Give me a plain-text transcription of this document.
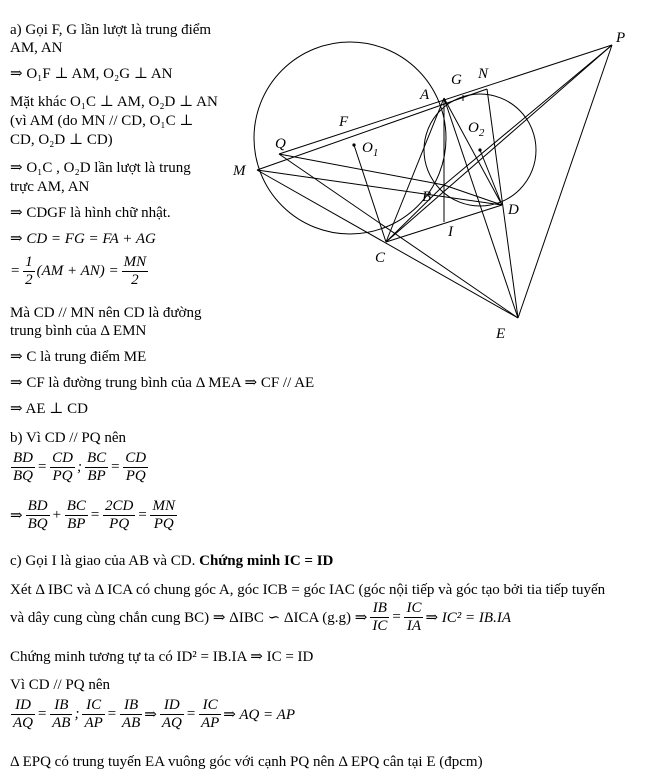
a) Gọi F, G lần lượt là trung điểm
AM, AN
⇒ O₁F ⊥ AM, O₂G ⊥ AN
Mặt khác O₁C ⊥ AM, O₂D ⊥ AN
(vì AM (do MN // CD, O₁C ⊥
CD, O₂D ⊥ CD)
⇒ O₁C , O₂D lần lượt là trung
trực AM, AN
⇒ CDGF là hình chữ nhật.
⇒ CD = FG = FA + AG
= $\frac{1}{2} (AM + AN) = \frac{MN}{2}$
Mà CD // MN nên CD là đường
trung bình của Δ EMN
⇒ C là trung điểm ME
⇒ CF là đường trung bình của Δ MEA ⇒ CF // AE
⇒ AE ⊥ CD
b) Vì CD // PQ nên
$\frac{BD}{BQ} = \frac{CD}{PQ}$ ; $\frac{BC}{BP} = \frac{CD}{PQ}$
⇒ $\frac{BD}{BQ} + \frac{BC}{BP} = \frac{2CD}{PQ} = \frac{MN}{PQ}$
c) Gọi I là giao của AB và CD. Chứng minh IC = ID
Xét Δ IBC và Δ ICA có chung góc A, góc ICB = góc IAC (góc nội tiếp và góc tạo bởi tia tiếp tuyến
và dây cung cùng chắn cung BC) ⇒ ΔIBC ∽ ΔICA (g.g) ⇒ $\frac{IB}{IC} = \frac{IC}{IA}$ ⇒ IC² = IB.IA
Chứng minh tương tự ta có ID² = IB.IA ⇒ IC = ID
Vì CD // PQ nên
$\frac{ID}{AQ} = \frac{IB}{AB}$ ; $\frac{IC}{AP} = \frac{IB}{AB}$ ⇒ $\frac{ID}{AQ} = \frac{IC}{AP}$ ⇒ AQ = AP
Δ EPQ có trung tuyến EA vuông góc với cạnh PQ nên Δ EPQ cân tại E (đpcm)
P
N
G
A
F
$O_1$
$O_2$
Q
M
B
D
I
C
E
